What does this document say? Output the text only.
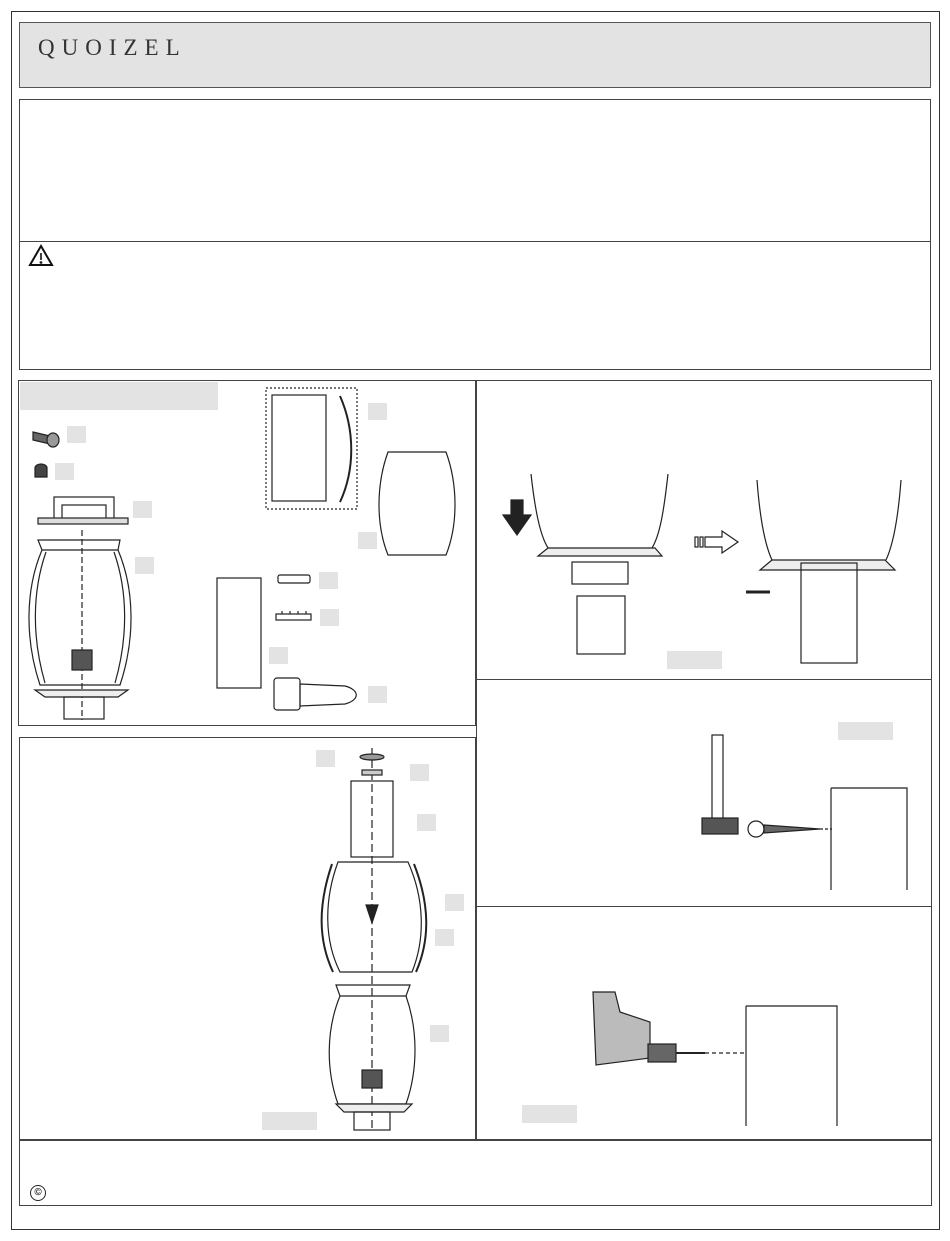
QUOIZEL
©
